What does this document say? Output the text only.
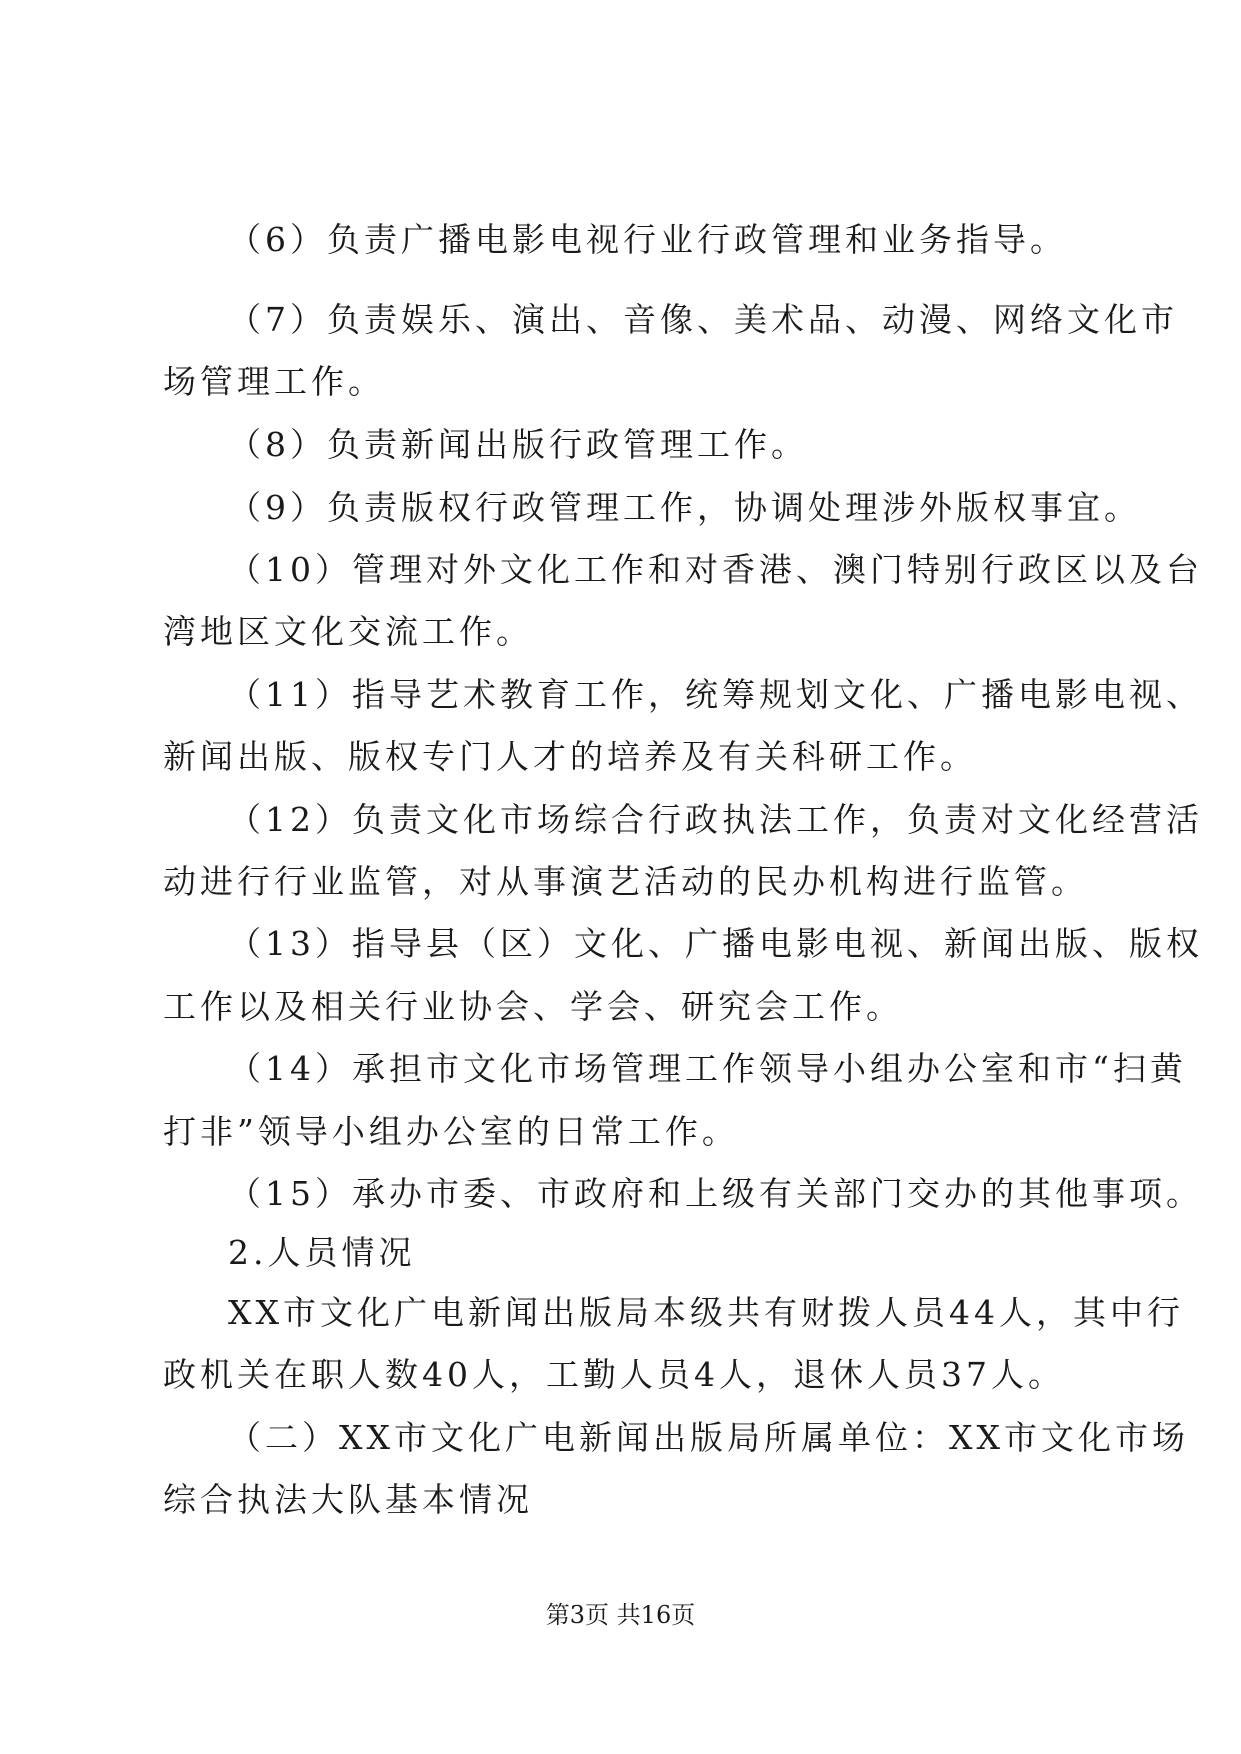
（6）负责广播电影电视行业行政管理和业务指导。
（7）负责娱乐、演出、音像、美术品、动漫、网络文化市
场管理工作。
（8）负责新闻出版行政管理工作。
（9）负责版权行政管理工作，协调处理涉外版权事宜。
（10）管理对外文化工作和对香港、澳门特别行政区以及台
湾地区文化交流工作。
（11）指导艺术教育工作，统筹规划文化、广播电影电视、
新闻出版、版权专门人才的培养及有关科研工作。
（12）负责文化市场综合行政执法工作，负责对文化经营活
动进行行业监管，对从事演艺活动的民办机构进行监管。
（13）指导县（区）文化、广播电影电视、新闻出版、版权
工作以及相关行业协会、学会、研究会工作。
（14）承担市文化市场管理工作领导小组办公室和市“扫黄
打非”领导小组办公室的日常工作。
（15）承办市委、市政府和上级有关部门交办的其他事项。
2.人员情况
XX市文化广电新闻出版局本级共有财拨人员44人，其中行
政机关在职人数40人，工勤人员4人，退休人员37人。
（二）XX市文化广电新闻出版局所属单位：XX市文化市场
综合执法大队基本情况
第3页 共16页
